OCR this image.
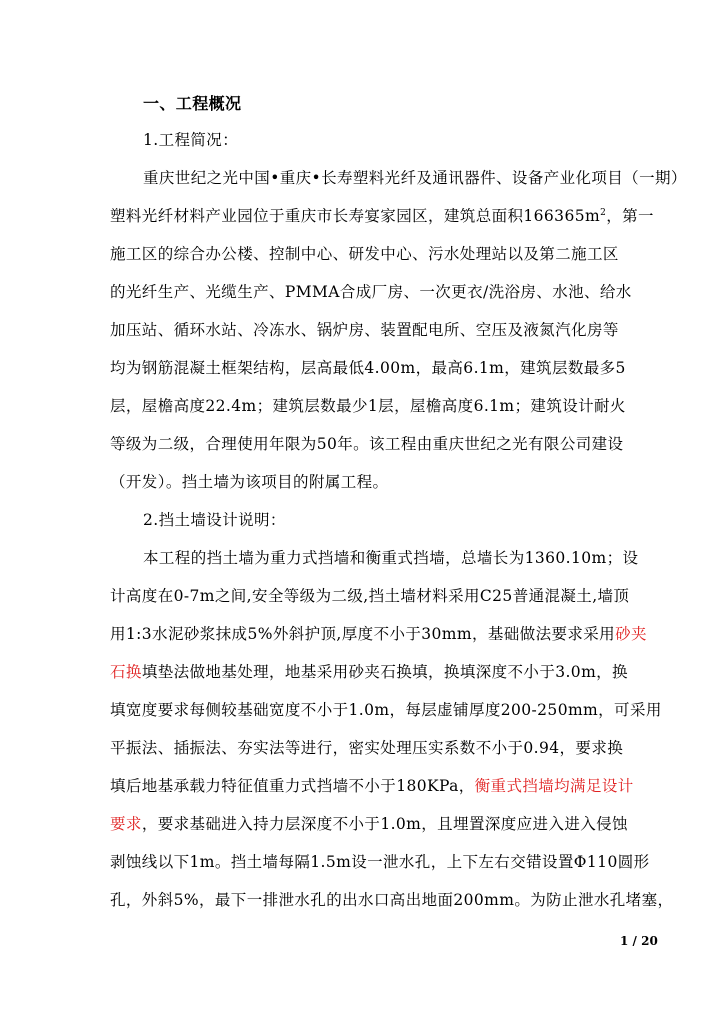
一、工程概况
1.工程简况：
重庆世纪之光中国•重庆•长寿塑料光纤及通讯器件、设备产业化项目（一期）
塑料光纤材料产业园位于重庆市长寿宴家园区，建筑总面积$166365m^2$，第一
施工区的综合办公楼、控制中心、研发中心、污水处理站以及第二施工区
的光纤生产、光缆生产、PMMA合成厂房、一次更衣/洗浴房、水池、给水
加压站、循环水站、冷冻水、锅炉房、装置配电所、空压及液氮汽化房等
均为钢筋混凝土框架结构，层高最低4.00m，最高6.1m，建筑层数最多5
层，屋檐高度22.4m；建筑层数最少1层，屋檐高度6.1m；建筑设计耐火
等级为二级，合理使用年限为50年。该工程由重庆世纪之光有限公司建设
（开发）。挡土墙为该项目的附属工程。
2.挡土墙设计说明：
本工程的挡土墙为重力式挡墙和衡重式挡墙，总墙长为1360.10m；设
计高度在0-7m之间,安全等级为二级,挡土墙材料采用C25普通混凝土,墙顶
用1:3水泥砂浆抹成5%外斜护顶,厚度不小于30mm，基础做法要求采用砂夹
石换填垫法做地基处理，地基采用砂夹石换填，换填深度不小于3.0m，换
填宽度要求每侧较基础宽度不小于1.0m，每层虚铺厚度200-250mm，可采用
平振法、插振法、夯实法等进行，密实处理压实系数不小于0.94，要求换
填后地基承载力特征值重力式挡墙不小于180KPa，衡重式挡墙均满足设计
要求，要求基础进入持力层深度不小于1.0m，且埋置深度应进入进入侵蚀
剥蚀线以下1m。挡土墙每隔1.5m设一泄水孔，上下左右交错设置Φ110圆形
孔，外斜5%，最下一排泄水孔的出水口高出地面200mm。为防止泄水孔堵塞，
1 / 20
